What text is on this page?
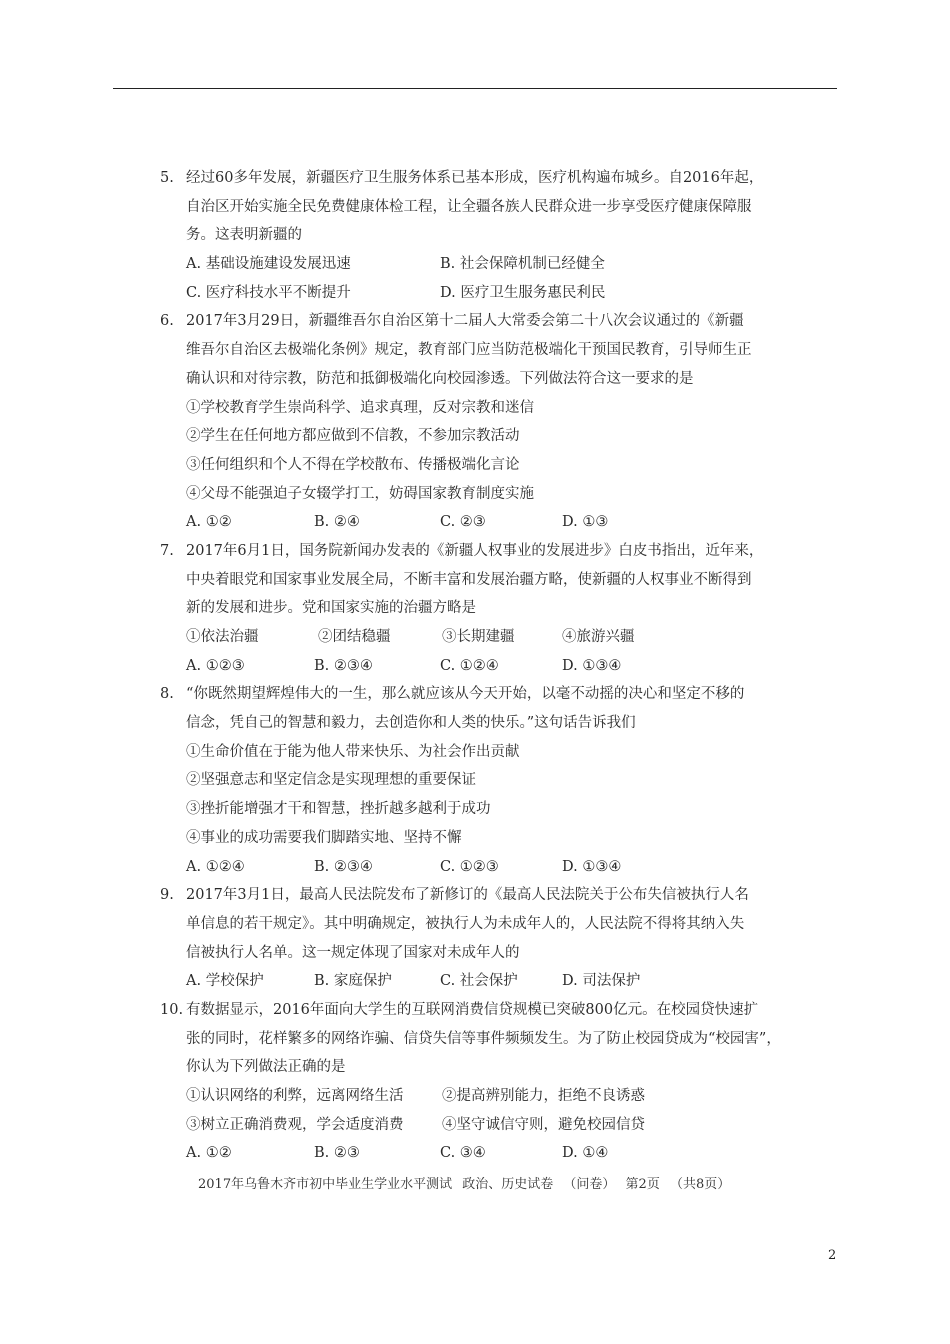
5. 经过60多年发展，新疆医疗卫生服务体系已基本形成，医疗机构遍布城乡。自2016年起，
自治区开始实施全民免费健康体检工程，让全疆各族人民群众进一步享受医疗健康保障服
务。这表明新疆的
A. 基础设施建设发展迅速	B. 社会保障机制已经健全
C. 医疗科技水平不断提升	D. 医疗卫生服务惠民利民
6. 2017年3月29日，新疆维吾尔自治区第十二届人大常委会第二十八次会议通过的《新疆
维吾尔自治区去极端化条例》规定，教育部门应当防范极端化干预国民教育，引导师生正
确认识和对待宗教，防范和抵御极端化向校园渗透。下列做法符合这一要求的是
①学校教育学生崇尚科学、追求真理，反对宗教和迷信
②学生在任何地方都应做到不信教，不参加宗教活动
③任何组织和个人不得在学校散布、传播极端化言论
④父母不能强迫子女辍学打工，妨碍国家教育制度实施
A. ①②	B. ②④	C. ②③	D. ①③
7. 2017年6月1日，国务院新闻办发表的《新疆人权事业的发展进步》白皮书指出，近年来，
中央着眼党和国家事业发展全局，不断丰富和发展治疆方略，使新疆的人权事业不断得到
新的发展和进步。党和国家实施的治疆方略是
①依法治疆	②团结稳疆	③长期建疆	④旅游兴疆
A. ①②③	B. ②③④	C. ①②④	D. ①③④
8. “你既然期望辉煌伟大的一生，那么就应该从今天开始，以毫不动摇的决心和坚定不移的
信念，凭自己的智慧和毅力，去创造你和人类的快乐。”这句话告诉我们
①生命价值在于能为他人带来快乐、为社会作出贡献
②坚强意志和坚定信念是实现理想的重要保证
③挫折能增强才干和智慧，挫折越多越利于成功
④事业的成功需要我们脚踏实地、坚持不懈
A. ①②④	B. ②③④	C. ①②③	D. ①③④
9. 2017年3月1日，最高人民法院发布了新修订的《最高人民法院关于公布失信被执行人名
单信息的若干规定》。其中明确规定，被执行人为未成年人的，人民法院不得将其纳入失
信被执行人名单。这一规定体现了国家对未成年人的
A. 学校保护	B. 家庭保护	C. 社会保护	D. 司法保护
10. 有数据显示，2016年面向大学生的互联网消费信贷规模已突破800亿元。在校园贷快速扩
张的同时，花样繁多的网络诈骗、信贷失信等事件频频发生。为了防止校园贷成为“校园害”，
你认为下列做法正确的是
①认识网络的利弊，远离网络生活	②提高辨别能力，拒绝不良诱惑
③树立正确消费观，学会适度消费	④坚守诚信守则，避免校园信贷
A. ①②	B. ②③	C. ③④	D. ①④
2017年乌鲁木齐市初中毕业生学业水平测试 政治、历史试卷 （问卷） 第2页 （共8页）
2
